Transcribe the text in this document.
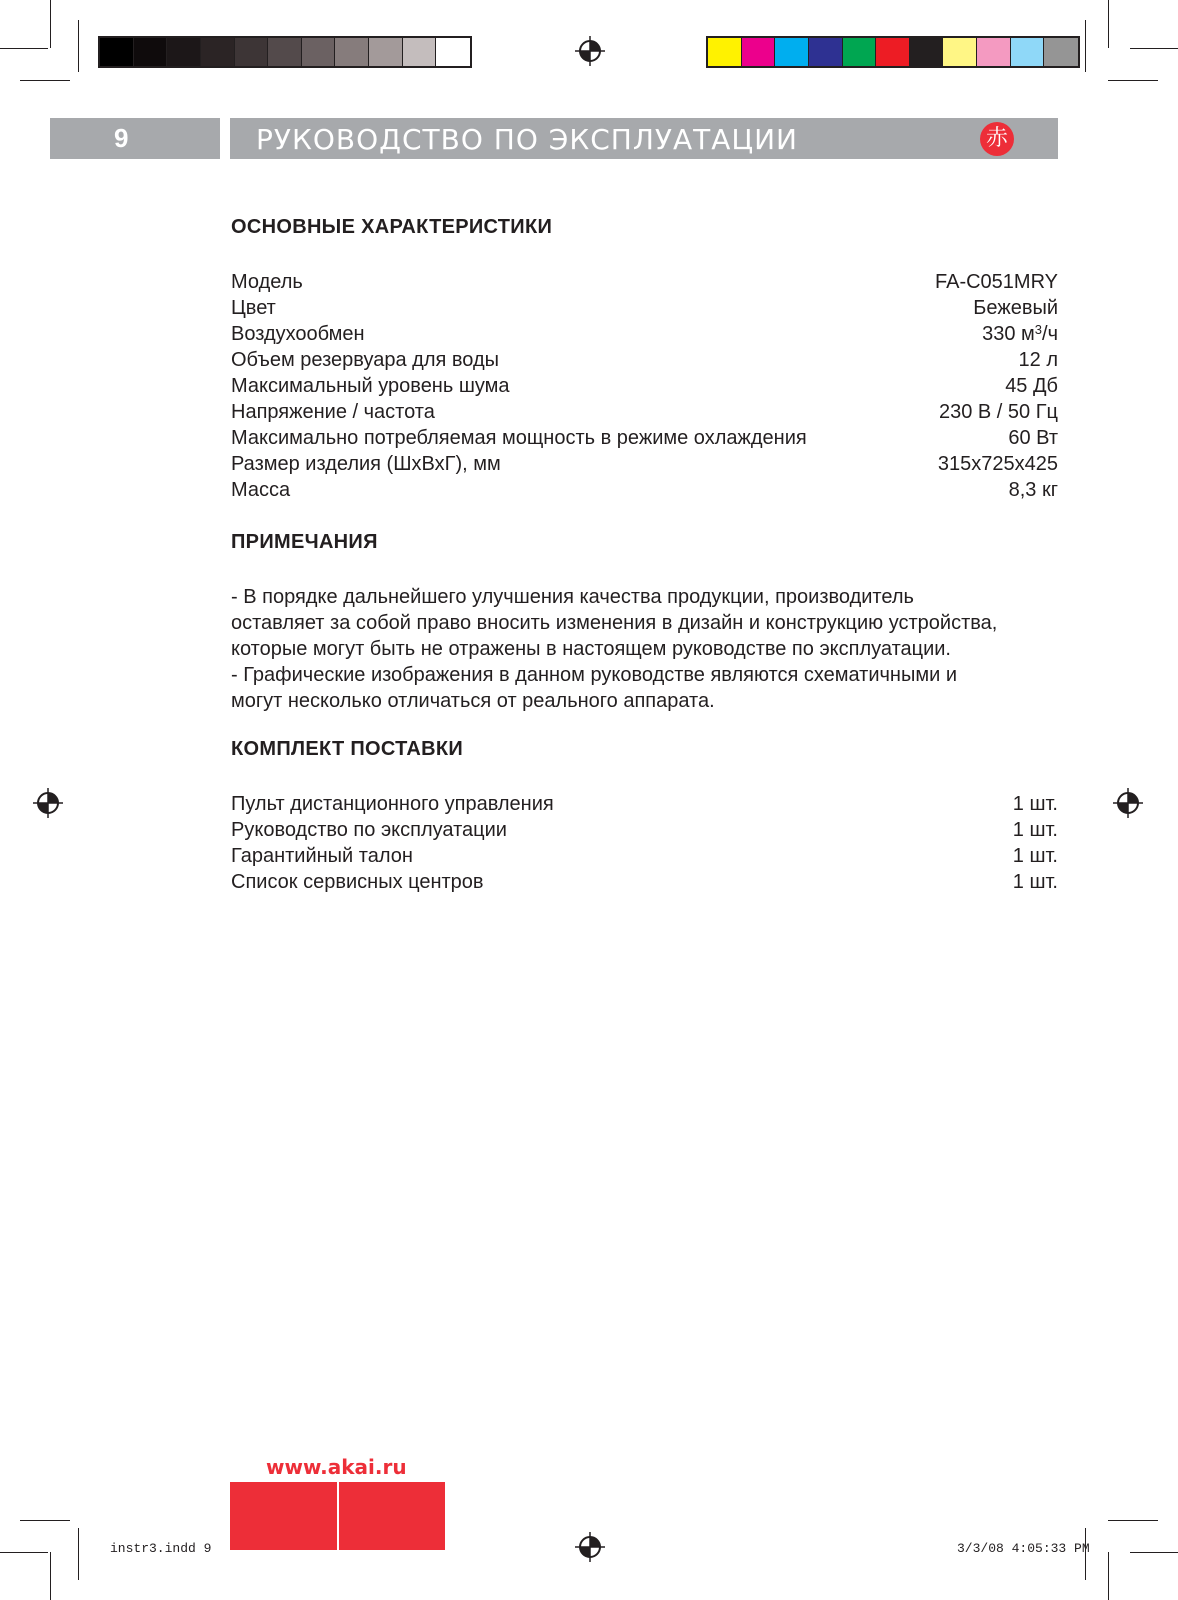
9	РУКОВОДСТВО ПО ЭКСПЛУАТАЦИИ	赤
ОСНОВНЫЕ ХАРАКТЕРИСТИКИ
Модель	FA-C051MRY
Цвет	Бежевый
Воздухообмен	330 $м^3/ч$
Объем резервуара для воды	12 л
Максимальный уровень шума	45 Дб
Напряжение / частота	230 В / 50 Гц
Максимально потребляемая мощность в режиме охлаждения	60 Вт
Размер изделия (ШхВхГ), мм	315х725х425
Масса	8,3 кг
ПРИМЕЧАНИЯ

- В порядке дальнейшего улучшения качества продукции, производитель

оставляет за собой право вносить изменения в дизайн и конструкцию устройства,

которые могут быть не отражены в настоящем руководстве по эксплуатации.

- Графические изображения в данном руководстве являются схематичными и

могут несколько отличаться от реального аппарата.

КОМПЛЕКТ ПОСТАВКИ
Пульт дистанционного управления	1 шт.
Руководство по эксплуатации	1 шт.
Гарантийный талон	1 шт.
Список сервисных центров	1 шт.
www.akai.ru
instr3.indd 9	3/3/08 4:05:33 PM
